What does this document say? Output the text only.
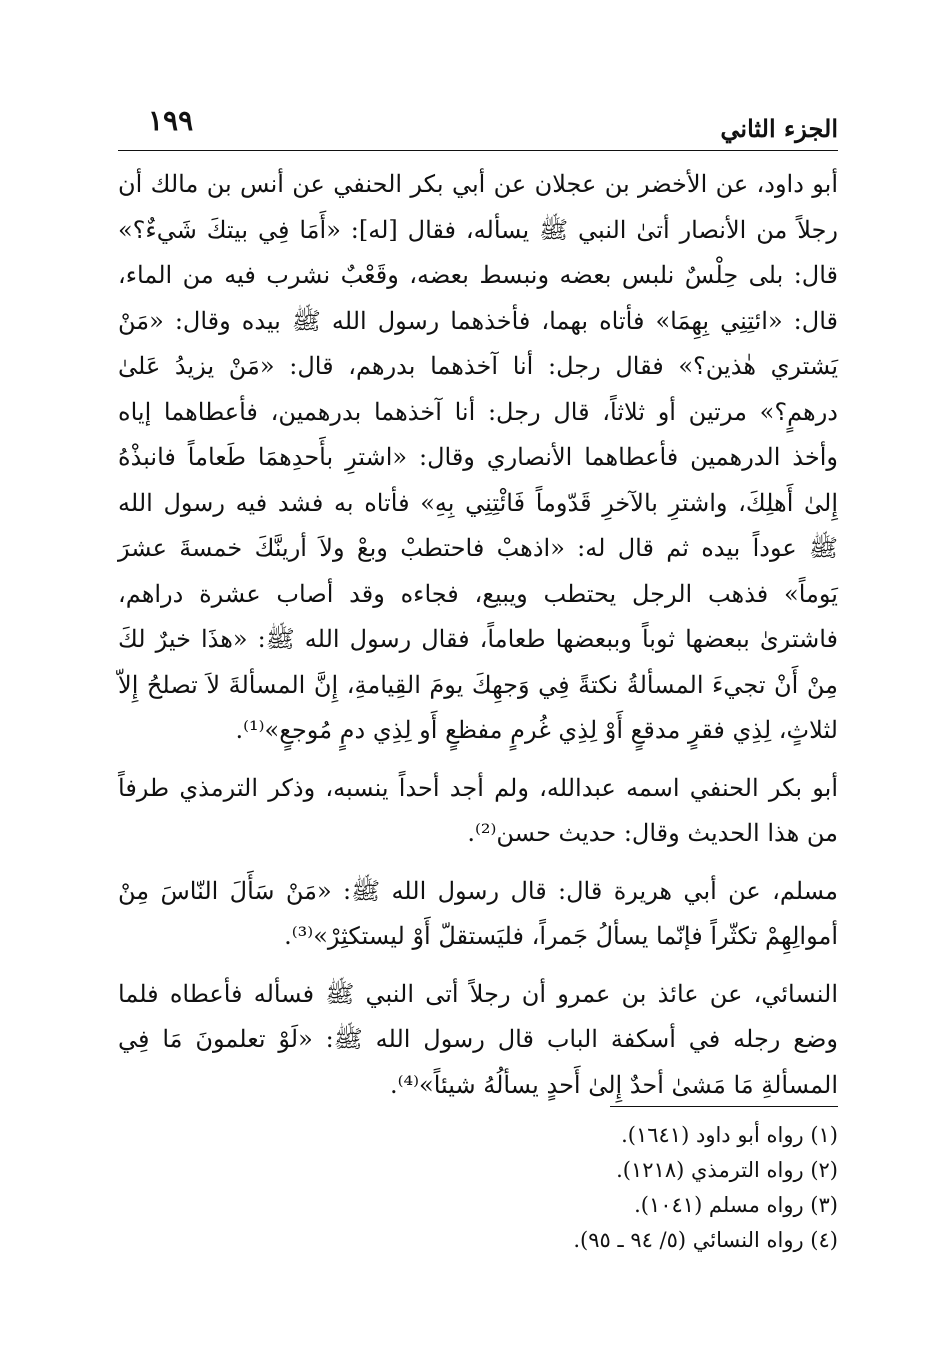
الجزء الثاني
١٩٩

أبو داود، عن الأخضر بن عجلان عن أبي بكر الحنفي عن أنس بن مالك أن رجلاً من الأنصار أتىٰ النبي ﷺ يسأله، فقال [له]: «أَمَا فِي بيتكَ شَيءٌ؟» قال: بلى حِلْسٌ نلبس بعضه ونبسط بعضه، وقَعْبٌ نشرب فيه من الماء، قال: «ائتِنِي بِهِمَا» فأتاه بهما، فأخذهما رسول الله ﷺ بيده وقال: «مَنْ يَشتري هٰذين؟» فقال رجل: أنا آخذهما بدرهم، قال: «مَنْ يزيدُ عَلىٰ درهمٍ؟» مرتين أو ثلاثاً، قال رجل: أنا آخذهما بدرهمين، فأعطاهما إياه وأخذ الدرهمين فأعطاهما الأنصاري وقال: «اشترِ بأَحدِهمَا طَعاماً فانبذْهُ إِلىٰ أَهلِكَ، واشترِ بالآخرِ قَدّوماً فَائْتِنِي بِهِ» فأتاه به فشد فيه رسول الله ﷺ عوداً بيده ثم قال له: «اذهبْ فاحتطبْ وبعْ ولاَ أرينَّكَ خمسةَ عشرَ يَوماً» فذهب الرجل يحتطب ويبيع، فجاءه وقد أصاب عشرة دراهم، فاشترىٰ ببعضها ثوباً وببعضها طعاماً، فقال رسول الله ﷺ: «هذَا خيرٌ لكَ مِنْ أَنْ تجيءَ المسألةُ نكتةً فِي وَجهِكَ يومَ القِيامةِ، إِنَّ المسألةَ لاَ تصلحُ إِلاّ لثلاثٍ، لِذِي فقرٍ مدقعٍ أَوْ لِذِي غُرمٍ مفظعٍ أَو لِذِي دمٍ مُوجعٍ»⁽¹⁾.

أبو بكر الحنفي اسمه عبدالله، ولم أجد أحداً ينسبه، وذكر الترمذي طرفاً من هذا الحديث وقال: حديث حسن⁽²⁾.

مسلم، عن أبي هريرة قال: قال رسول الله ﷺ: «مَنْ سَأَلَ النّاسَ مِنْ أموالِهِمْ تكثّراً فإنّما يسألُ جَمراً، فليَستقلّ أَوْ ليستكثِرْ»⁽³⁾.

النسائي، عن عائذ بن عمرو أن رجلاً أتى النبي ﷺ فسأله فأعطاه فلما وضع رجله في أسكفة الباب قال رسول الله ﷺ: «لَوْ تعلمونَ مَا فِي المسألةِ مَا مَشىٰ أحدٌ إِلىٰ أَحدٍ يسألُهُ شيئاً»⁽⁴⁾.

(١) رواه أبو داود (١٦٤١).

(٢) رواه الترمذي (١٢١٨).

(٣) رواه مسلم (١٠٤١).

(٤) رواه النسائي (٥/ ٩٤ ـ ٩٥).
